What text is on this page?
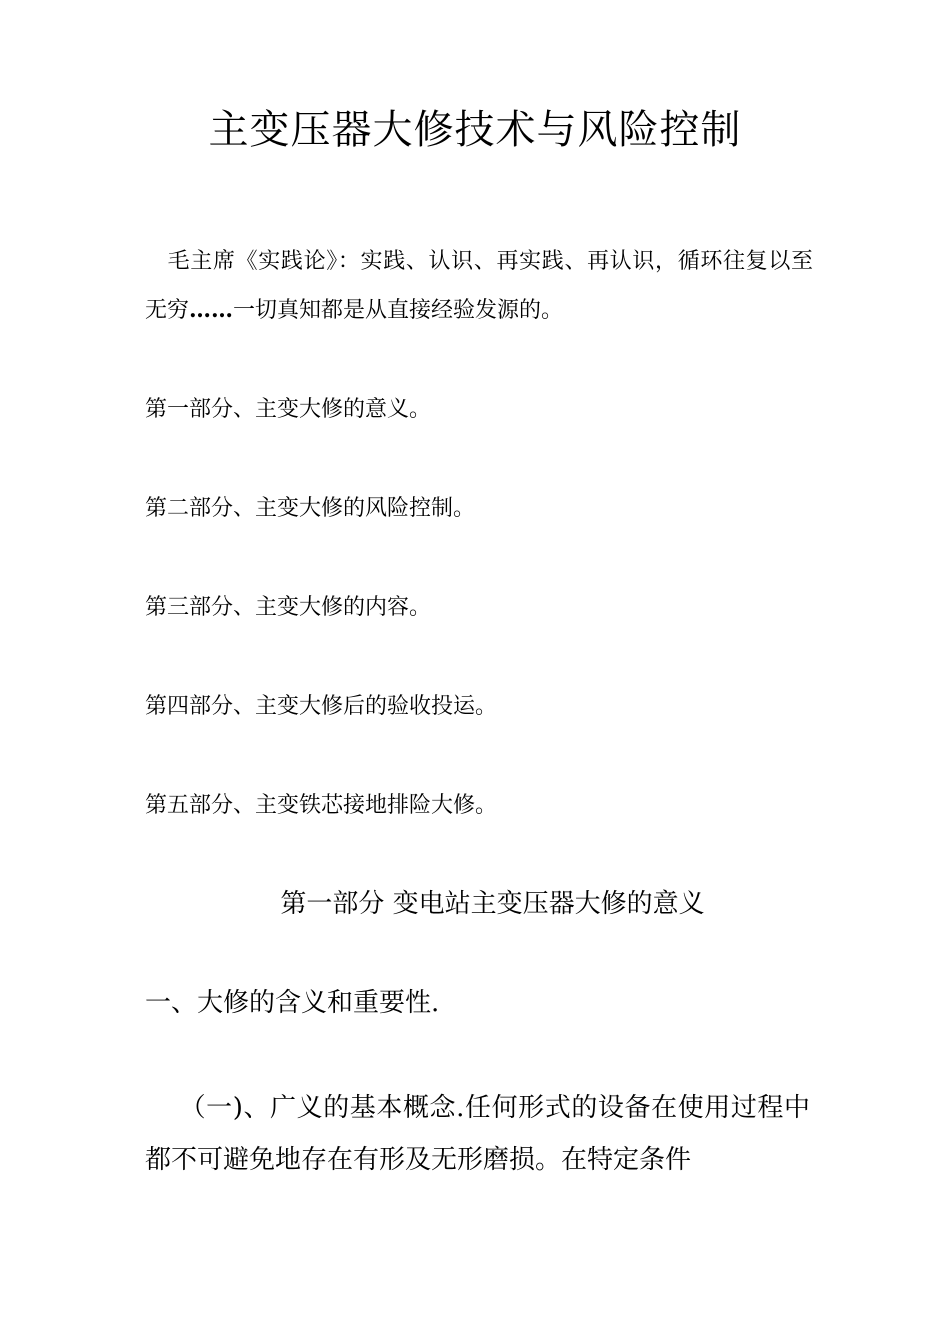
主变压器大修技术与风险控制

毛主席《实践论》：实践、认识、再实践、再认识，循环往复以至无穷……一切真知都是从直接经验发源的。

第一部分、主变大修的意义。

第二部分、主变大修的风险控制。

第三部分、主变大修的内容。

第四部分、主变大修后的验收投运。

第五部分、主变铁芯接地排险大修。

第一部分 变电站主变压器大修的意义
一、大修的含义和重要性.

（一)、广义的基本概念.任何形式的设备在使用过程中都不可避免地存在有形及无形磨损。在特定条件
